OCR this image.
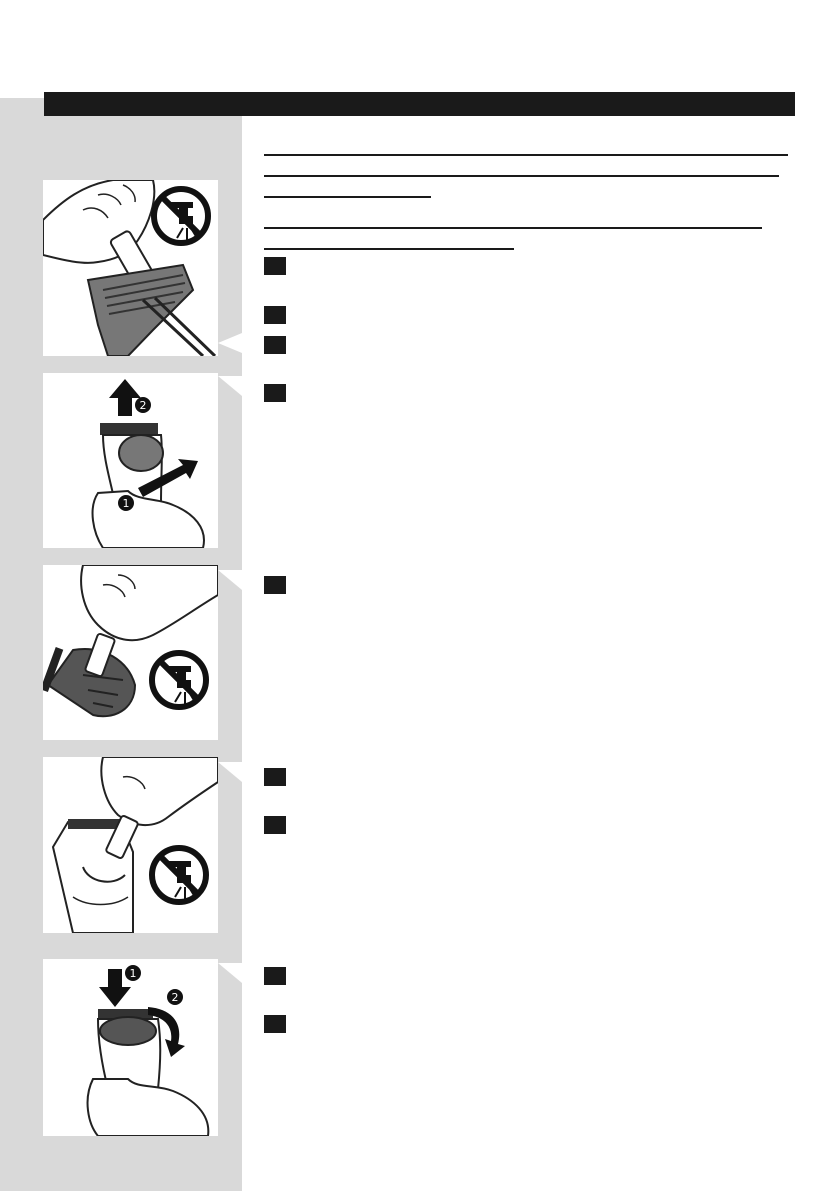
2
1
1
2
